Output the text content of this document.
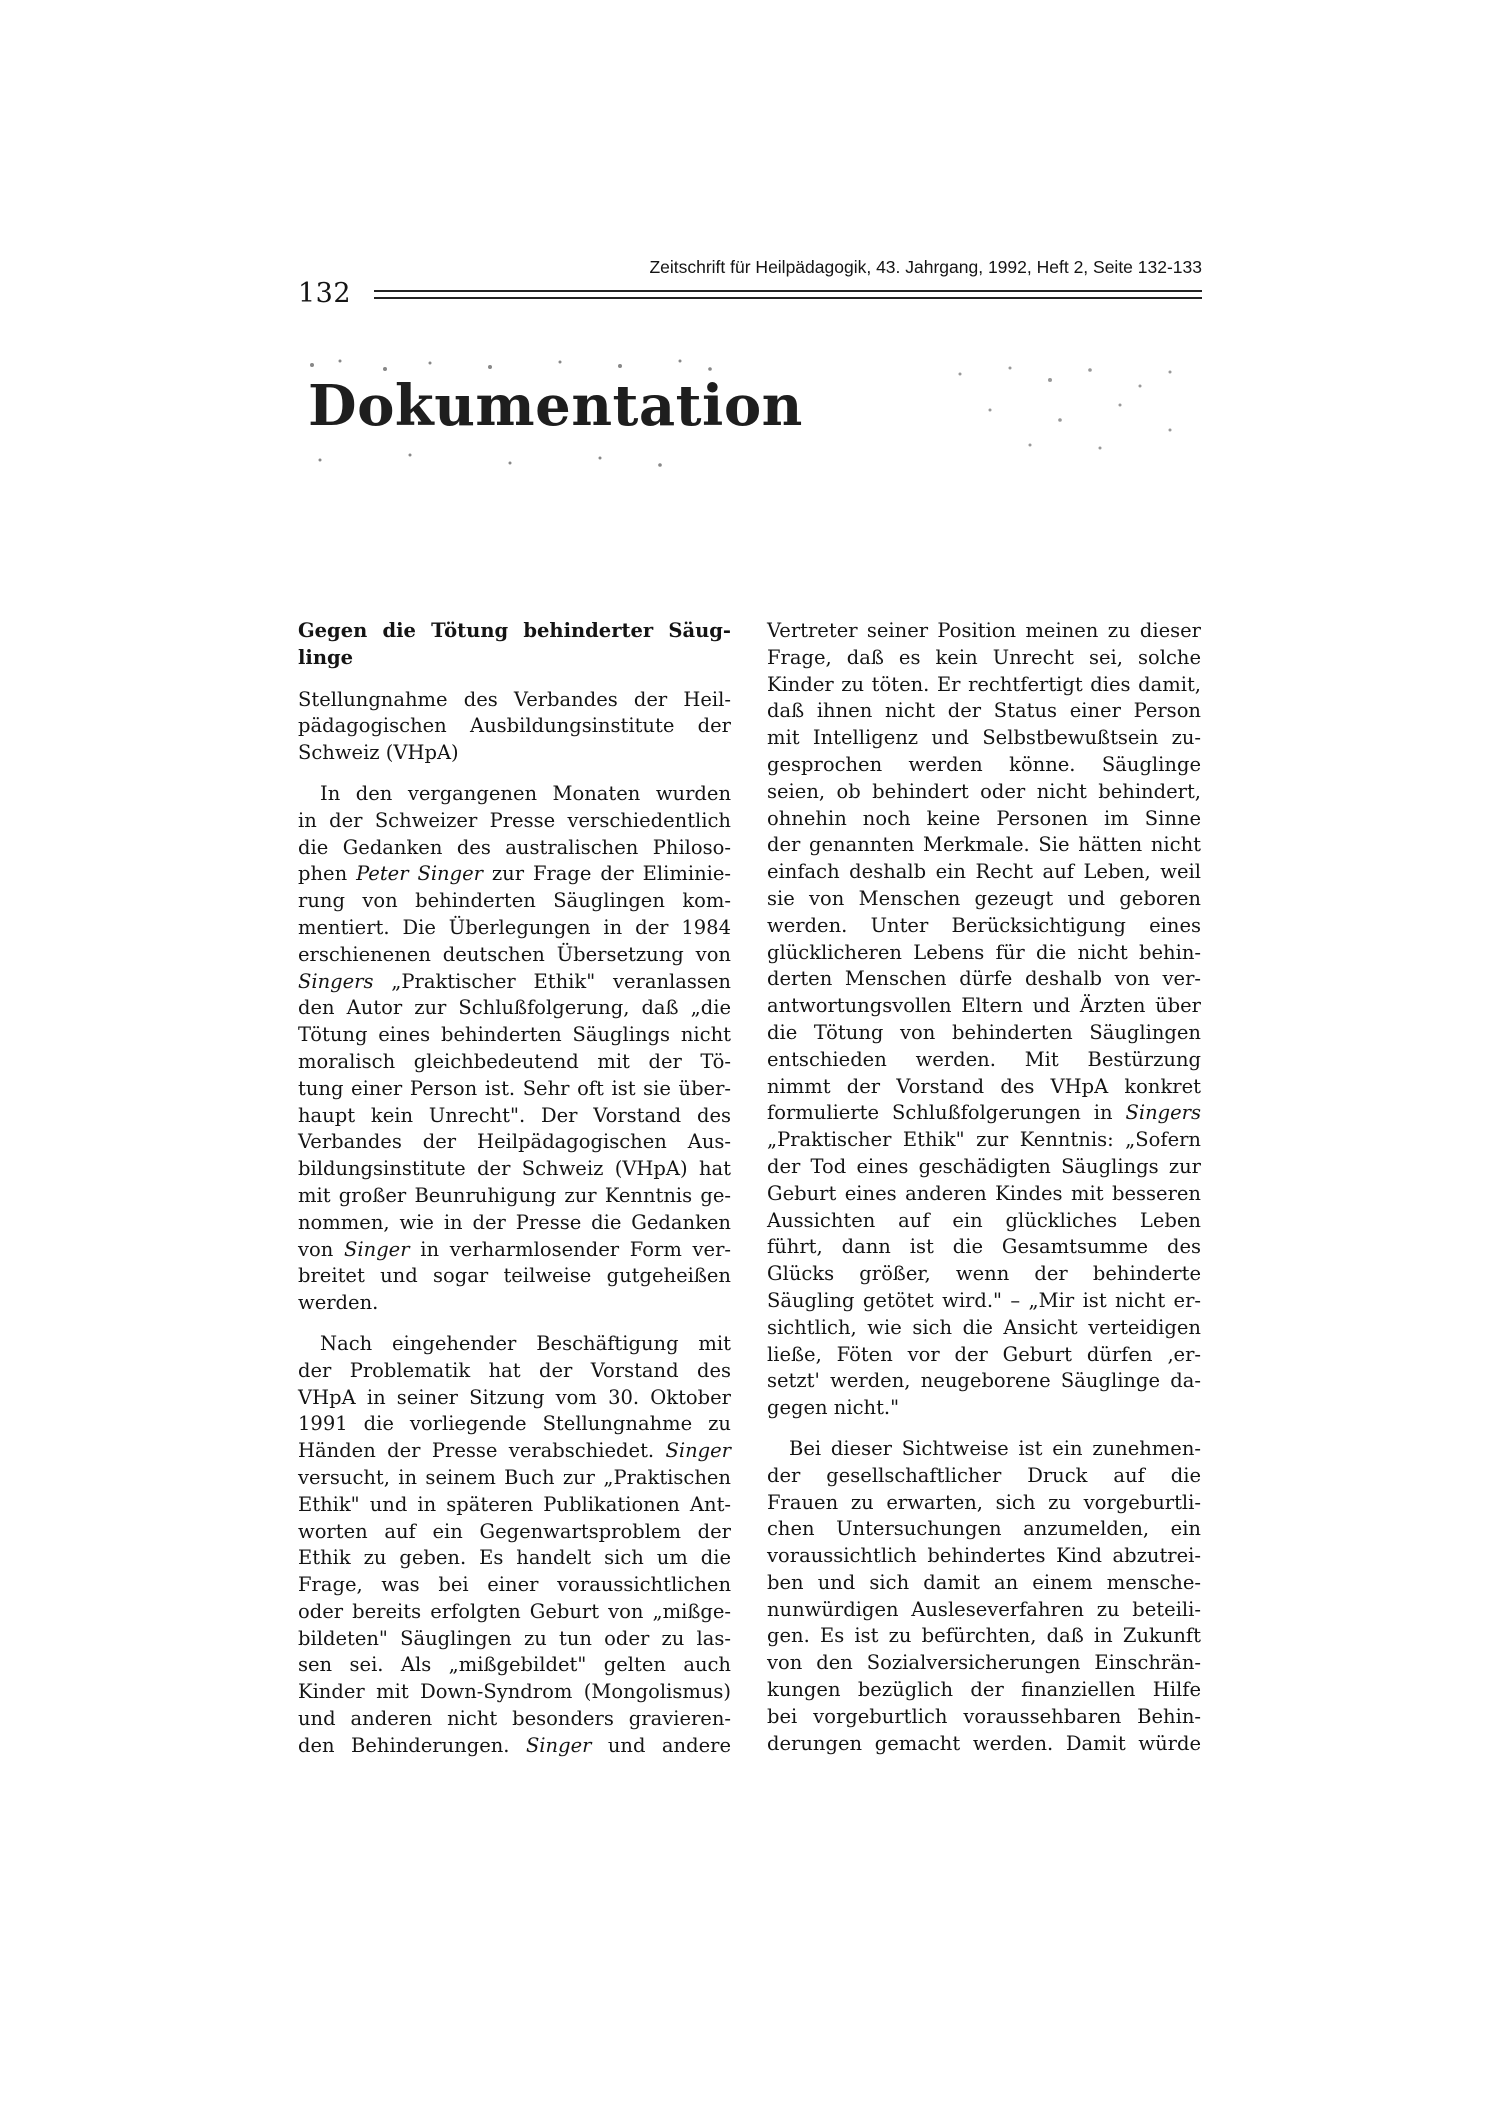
132
Zeitschrift für Heilpädagogik, 43. Jahrgang, 1992, Heft 2, Seite 132-133
Dokumentation
Gegen die Tötung behinderter Säug-
linge
Stellungnahme des Verbandes der Heil-
pädagogischen Ausbildungsinstitute der
Schweiz (VHpA)
In den vergangenen Monaten wurden
in der Schweizer Presse verschiedentlich
die Gedanken des australischen Philoso-
phen Peter Singer zur Frage der Eliminie-
rung von behinderten Säuglingen kom-
mentiert. Die Überlegungen in der 1984
erschienenen deutschen Übersetzung von
Singers „Praktischer Ethik" veranlassen
den Autor zur Schlußfolgerung, daß „die
Tötung eines behinderten Säuglings nicht
moralisch gleichbedeutend mit der Tö-
tung einer Person ist. Sehr oft ist sie über-
haupt kein Unrecht". Der Vorstand des
Verbandes der Heilpädagogischen Aus-
bildungsinstitute der Schweiz (VHpA) hat
mit großer Beunruhigung zur Kenntnis ge-
nommen, wie in der Presse die Gedanken
von Singer in verharmlosender Form ver-
breitet und sogar teilweise gutgeheißen
werden.
Nach eingehender Beschäftigung mit
der Problematik hat der Vorstand des
VHpA in seiner Sitzung vom 30. Oktober
1991 die vorliegende Stellungnahme zu
Händen der Presse verabschiedet. Singer
versucht, in seinem Buch zur „Praktischen
Ethik" und in späteren Publikationen Ant-
worten auf ein Gegenwartsproblem der
Ethik zu geben. Es handelt sich um die
Frage, was bei einer voraussichtlichen
oder bereits erfolgten Geburt von „mißge-
bildeten" Säuglingen zu tun oder zu las-
sen sei. Als „mißgebildet" gelten auch
Kinder mit Down-Syndrom (Mongolismus)
und anderen nicht besonders gravieren-
den Behinderungen. Singer und andere
Vertreter seiner Position meinen zu dieser
Frage, daß es kein Unrecht sei, solche
Kinder zu töten. Er rechtfertigt dies damit,
daß ihnen nicht der Status einer Person
mit Intelligenz und Selbstbewußtsein zu-
gesprochen werden könne. Säuglinge
seien, ob behindert oder nicht behindert,
ohnehin noch keine Personen im Sinne
der genannten Merkmale. Sie hätten nicht
einfach deshalb ein Recht auf Leben, weil
sie von Menschen gezeugt und geboren
werden. Unter Berücksichtigung eines
glücklicheren Lebens für die nicht behin-
derten Menschen dürfe deshalb von ver-
antwortungsvollen Eltern und Ärzten über
die Tötung von behinderten Säuglingen
entschieden werden. Mit Bestürzung
nimmt der Vorstand des VHpA konkret
formulierte Schlußfolgerungen in Singers
„Praktischer Ethik" zur Kenntnis: „Sofern
der Tod eines geschädigten Säuglings zur
Geburt eines anderen Kindes mit besseren
Aussichten auf ein glückliches Leben
führt, dann ist die Gesamtsumme des
Glücks größer, wenn der behinderte
Säugling getötet wird." – „Mir ist nicht er-
sichtlich, wie sich die Ansicht verteidigen
ließe, Föten vor der Geburt dürfen ‚er-
setzt' werden, neugeborene Säuglinge da-
gegen nicht."
Bei dieser Sichtweise ist ein zunehmen-
der gesellschaftlicher Druck auf die
Frauen zu erwarten, sich zu vorgeburtli-
chen Untersuchungen anzumelden, ein
voraussichtlich behindertes Kind abzutrei-
ben und sich damit an einem mensche-
nunwürdigen Ausleseverfahren zu beteili-
gen. Es ist zu befürchten, daß in Zukunft
von den Sozialversicherungen Einschrän-
kungen bezüglich der finanziellen Hilfe
bei vorgeburtlich voraussehbaren Behin-
derungen gemacht werden. Damit würde
